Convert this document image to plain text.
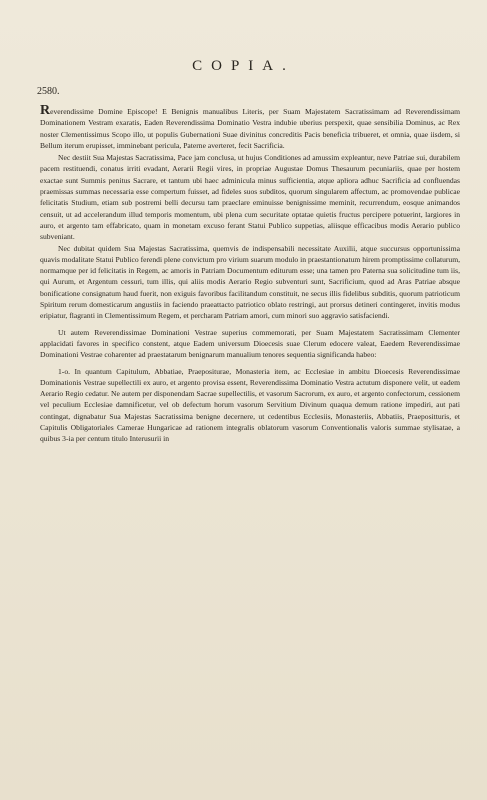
COPIA.
2580.

Reverendissime Domine Episcope! E Benignis manualibus Literis, per Suam Majestatem Sacratissimam ad Reverendissimam Dominationem Vestram exaratis, Eaden Reverendissima Dominatio Vestra indubie uberius perspexit, quae sensibilia Dominus, ac Rex noster Clementissimus Scopo illo, ut populis Gubernationi Suae divinitus concreditis Pacis beneficia tribueret, et omnia, quae iisdem, si Bellum iterum erupisset, imminebant pericula, Paterne averteret, fecit Sacrificia.

Nec destiit Sua Majestas Sacratissima, Pace jam conclusa, ut hujus Conditiones ad amussim expleantur, neve Patriae sui, durabilem pacem restituendi, conatus irriti evadant, Aerarii Regii vires, in propriae Augustae Domus Thesaurum pecuniariis, quae per hostem exactae sunt Summis penitus Sacrare, et tantum ubi haec adminicula minus sufficientia, atque apliora adhuc Sacrificia ad confluendas praemissas summas necessaria esse compertum fuisset, ad fideles suos subditos, quorum singularem affectum, ac promovendae publicae felicitatis Studium, etiam sub postremi belli decursu tam praeclare eminuisse benignissime meminit, recurrendum, eosque animandos censuit, ut ad accelerandum illud temporis momentum, ubi plena cum securitate optatae quietis fructus percipere potuerint, largiores in auro, et argento tam effabricato, quam in monetam excuso ferant Statui Publico suppetias, aliisque efficacibus modis Aerario publico subveniant.

Nec dubitat quidem Sua Majestas Sacratissima, quemvis de indispensabili necessitate Auxilii, atque succursus opportunissima quavis modalitate Statui Publico ferendi plene convictum pro virium suarum modulo in praestantionatum hirem promptissime collaturum, normamque per id felicitatis in Regem, ac amoris in Patriam Documentum editurum esse; una tamen pro Paterna sua solicitudine tum iis, qui Aurum, et Argentum cessuri, tum illis, qui aliis modis Aerario Regio subventuri sunt, Sacrificium, quod ad Aras Patriae absque bonificatione consignatum haud fuerit, non exiguis favoribus facilitandum constituit, ne secus illis fidelibus subditis, quorum patrioticum Spiritum rerum domesticarum angustiis in faciendo praeattacto patriotico oblato restringi, aut prorsus detineri contingeret, invitis modus eripiatur, flagranti in Clementissimum Regem, et percharam Patriam amori, cum minori suo aggravio satisfaciendi.

Ut autem Reverendissimae Dominationi Vestrae superius commemorati, per Suam Majestatem Sacratissimam Clementer applacidati favores in specifico constent, atque Eadem universum Dioecesis suae Clerum edocere valeat, Eaedem Reverendissimae Dominationi Vestrae coharenter ad praestatarum benignarum manualium tenores sequentia significanda habeo:

1-o. In quantum Capitulum, Abbatiae, Praepositurae, Monasteria item, ac Ecclesiae in ambitu Dioecesis Reverendissimae Dominationis Vestrae supellectili ex auro, et argento provisa essent, Reverendissima Dominatio Vestra actutum disponere velit, ut eadem Aerario Regio cedatur. Ne autem per disponendam Sacrae supellectilis, et vasorum Sacrorum, ex auro, et argento confectorum, cessionem vel peculium Ecclesiae damnificetur, vel ob defectum horum vasorum Servitium Divinum quaqua demum ratione impediri, aut pati contingat, dignabatur Sua Majestas Sacratissima benigne decernere, ut cedentibus Ecclesiis, Monasteriis, Abbatiis, Praepositturis, et Capitulis Obligatoriales Camerae Hungaricae ad rationem integralis oblatorum vasorum Conventionalis valoris summae stylisatae, a quibus 3-ia per centum titulo Interusurii in
